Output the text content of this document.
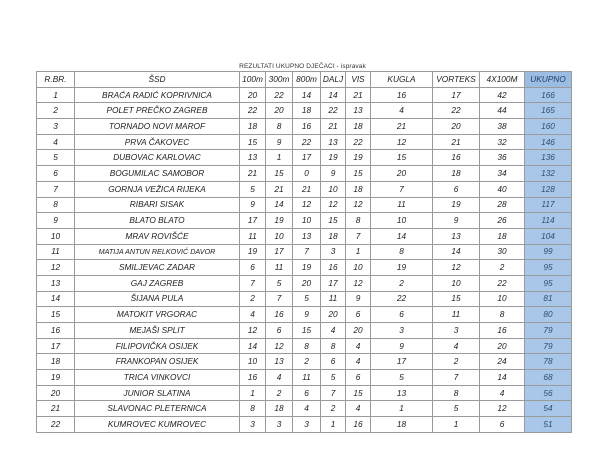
REZULTATI UKUPNO DJEČACI - ispravak
R.BR.	ŠSD	100m	300m	800m	DALJ	VIS	KUGLA	VORTEKS	4X100M	UKUPNO
1	BRAĆA RADIĆ KOPRIVNICA	20	22	14	14	21	16	17	42	166
2	POLET PREČKO ZAGREB	22	20	18	22	13	4	22	44	165
3	TORNADO NOVI MAROF	18	8	16	21	18	21	20	38	160
4	PRVA ČAKOVEC	15	9	22	13	22	12	21	32	146
5	DUBOVAC KARLOVAC	13	1	17	19	19	15	16	36	136
6	BOGUMILAC SAMOBOR	21	15	0	9	15	20	18	34	132
7	GORNJA VEŽICA RIJEKA	5	21	21	10	18	7	6	40	128
8	RIBARI SISAK	9	14	12	12	12	11	19	28	117
9	BLATO BLATO	17	19	10	15	8	10	9	26	114
10	MRAV ROVIŠĆE	11	10	13	18	7	14	13	18	104
11	MATIJA ANTUN RELKOVIĆ DAVOR	19	17	7	3	1	8	14	30	99
12	SMILJEVAC ZADAR	6	11	19	16	10	19	12	2	95
13	GAJ ZAGREB	7	5	20	17	12	2	10	22	95
14	ŠIJANA PULA	2	7	5	11	9	22	15	10	81
15	MATOKIT VRGORAC	4	16	9	20	6	6	11	8	80
16	MEJAŠI SPLIT	12	6	15	4	20	3	3	16	79
17	FILIPOVIČKA OSIJEK	14	12	8	8	4	9	4	20	79
18	FRANKOPAN OSIJEK	10	13	2	6	4	17	2	24	78
19	TRICA VINKOVCI	16	4	11	5	6	5	7	14	68
20	JUNIOR SLATINA	1	2	6	7	15	13	8	4	56
21	SLAVONAC PLETERNICA	8	18	4	2	4	1	5	12	54
22	KUMROVEC KUMROVEC	3	3	3	1	16	18	1	6	51
